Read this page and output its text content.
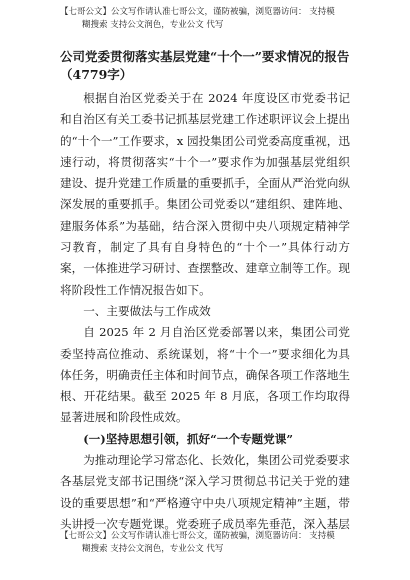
【七哥公文】公文写作请认准七哥公文，谨防被骗，浏览器访问： 支持模
糊搜索 支持公文润色，专业公文 代写
公司党委贯彻落实基层党建“十个一”要求情况的报告（4779字）

根据自治区党委关于在 2024 年度设区市党委书记和自治区有关工委书记抓基层党建工作述职评议会上提出的“十个一”工作要求，x 园投集团公司党委高度重视，迅速行动，将贯彻落实“十个一”要求作为加强基层党组织建设、提升党建工作质量的重要抓手，全面从严治党向纵深发展的重要抓手。集团公司党委以“建组织、建阵地、建服务体系”为基础，结合深入贯彻中央八项规定精神学习教育，制定了具有自身特色的“十个一”具体行动方案，一体推进学习研讨、查摆整改、建章立制等工作。现将阶段性工作情况报告如下。

一、主要做法与工作成效

自 2025 年 2 月自治区党委部署以来，集团公司党委坚持高位推动、系统谋划，将“十个一”要求细化为具体任务，明确责任主体和时间节点，确保各项工作落地生根、开花结果。截至 2025 年 8 月底，各项工作均取得显著进展和阶段性成效。

(一)坚持思想引领，抓好“一个专题党课”

为推动理论学习常态化、长效化，集团公司党委要求各基层党支部书记围绕“深入学习贯彻总书记关于党的建设的重要思想”和“严格遵守中央八项规定精神”主题，带头讲授一次专题党课。党委班子成员率先垂范，深入基层

【七哥公文】公文写作请认准七哥公文，谨防被骗，浏览器访问： 支持模
糊搜索 支持公文润色，专业公文 代写
